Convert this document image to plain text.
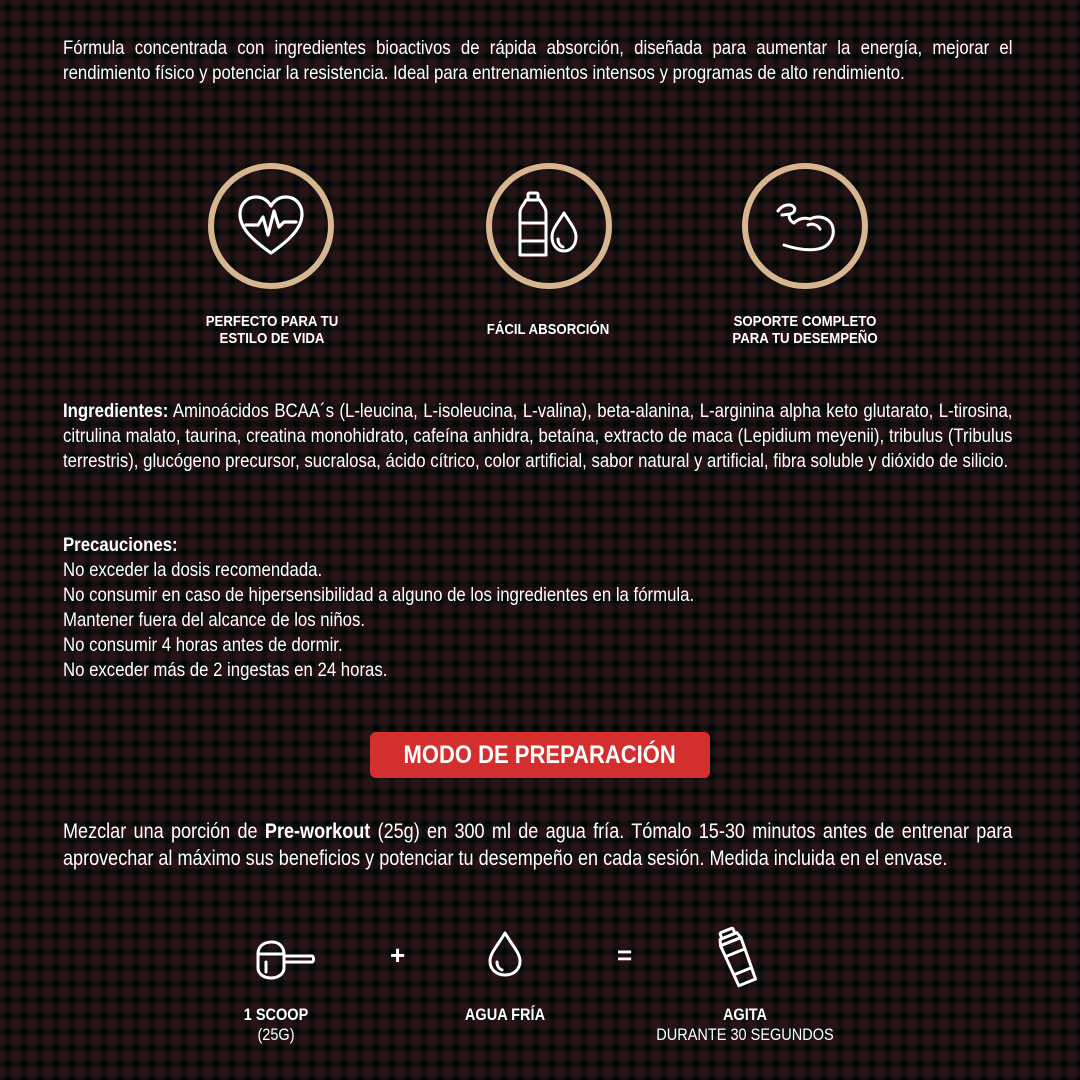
Fórmula concentrada con ingredientes bioactivos de rápida absorción, diseñada para aumentar la energía, mejorar el rendimiento físico y potenciar la resistencia. Ideal para entrenamientos intensos y programas de alto rendimiento.
PERFECTO PARA TU
ESTILO DE VIDA
FÁCIL ABSORCIÓN	SOPORTE COMPLETO
PARA TU DESEMPEÑO
Ingredientes: Aminoácidos BCAA´s (L-leucina, L-isoleucina, L-valina), beta-alanina, L-arginina alpha keto glutarato, L-tirosina, citrulina malato, taurina, creatina monohidrato, cafeína anhidra, betaína, extracto de maca (Lepidium meyenii), tribulus (Tribulus terrestris), glucógeno precursor, sucralosa, ácido cítrico, color artificial, sabor natural y artificial, fibra soluble y dióxido de silicio.
Precauciones:
No exceder la dosis recomendada.
No consumir en caso de hipersensibilidad a alguno de los ingredientes en la fórmula.
Mantener fuera del alcance de los niños.
No consumir 4 horas antes de dormir.
No exceder más de 2 ingestas en 24 horas.
MODO DE PREPARACIÓN
Mezclar una porción de Pre-workout (25g) en 300 ml de agua fría. Tómalo 15-30 minutos antes de entrenar para aprovechar al máximo sus beneficios y potenciar tu desempeño en cada sesión. Medida incluida en el envase.
+	=
1 SCOOP
(25G)
AGUA FRÍA	AGITA
DURANTE 30 SEGUNDOS
